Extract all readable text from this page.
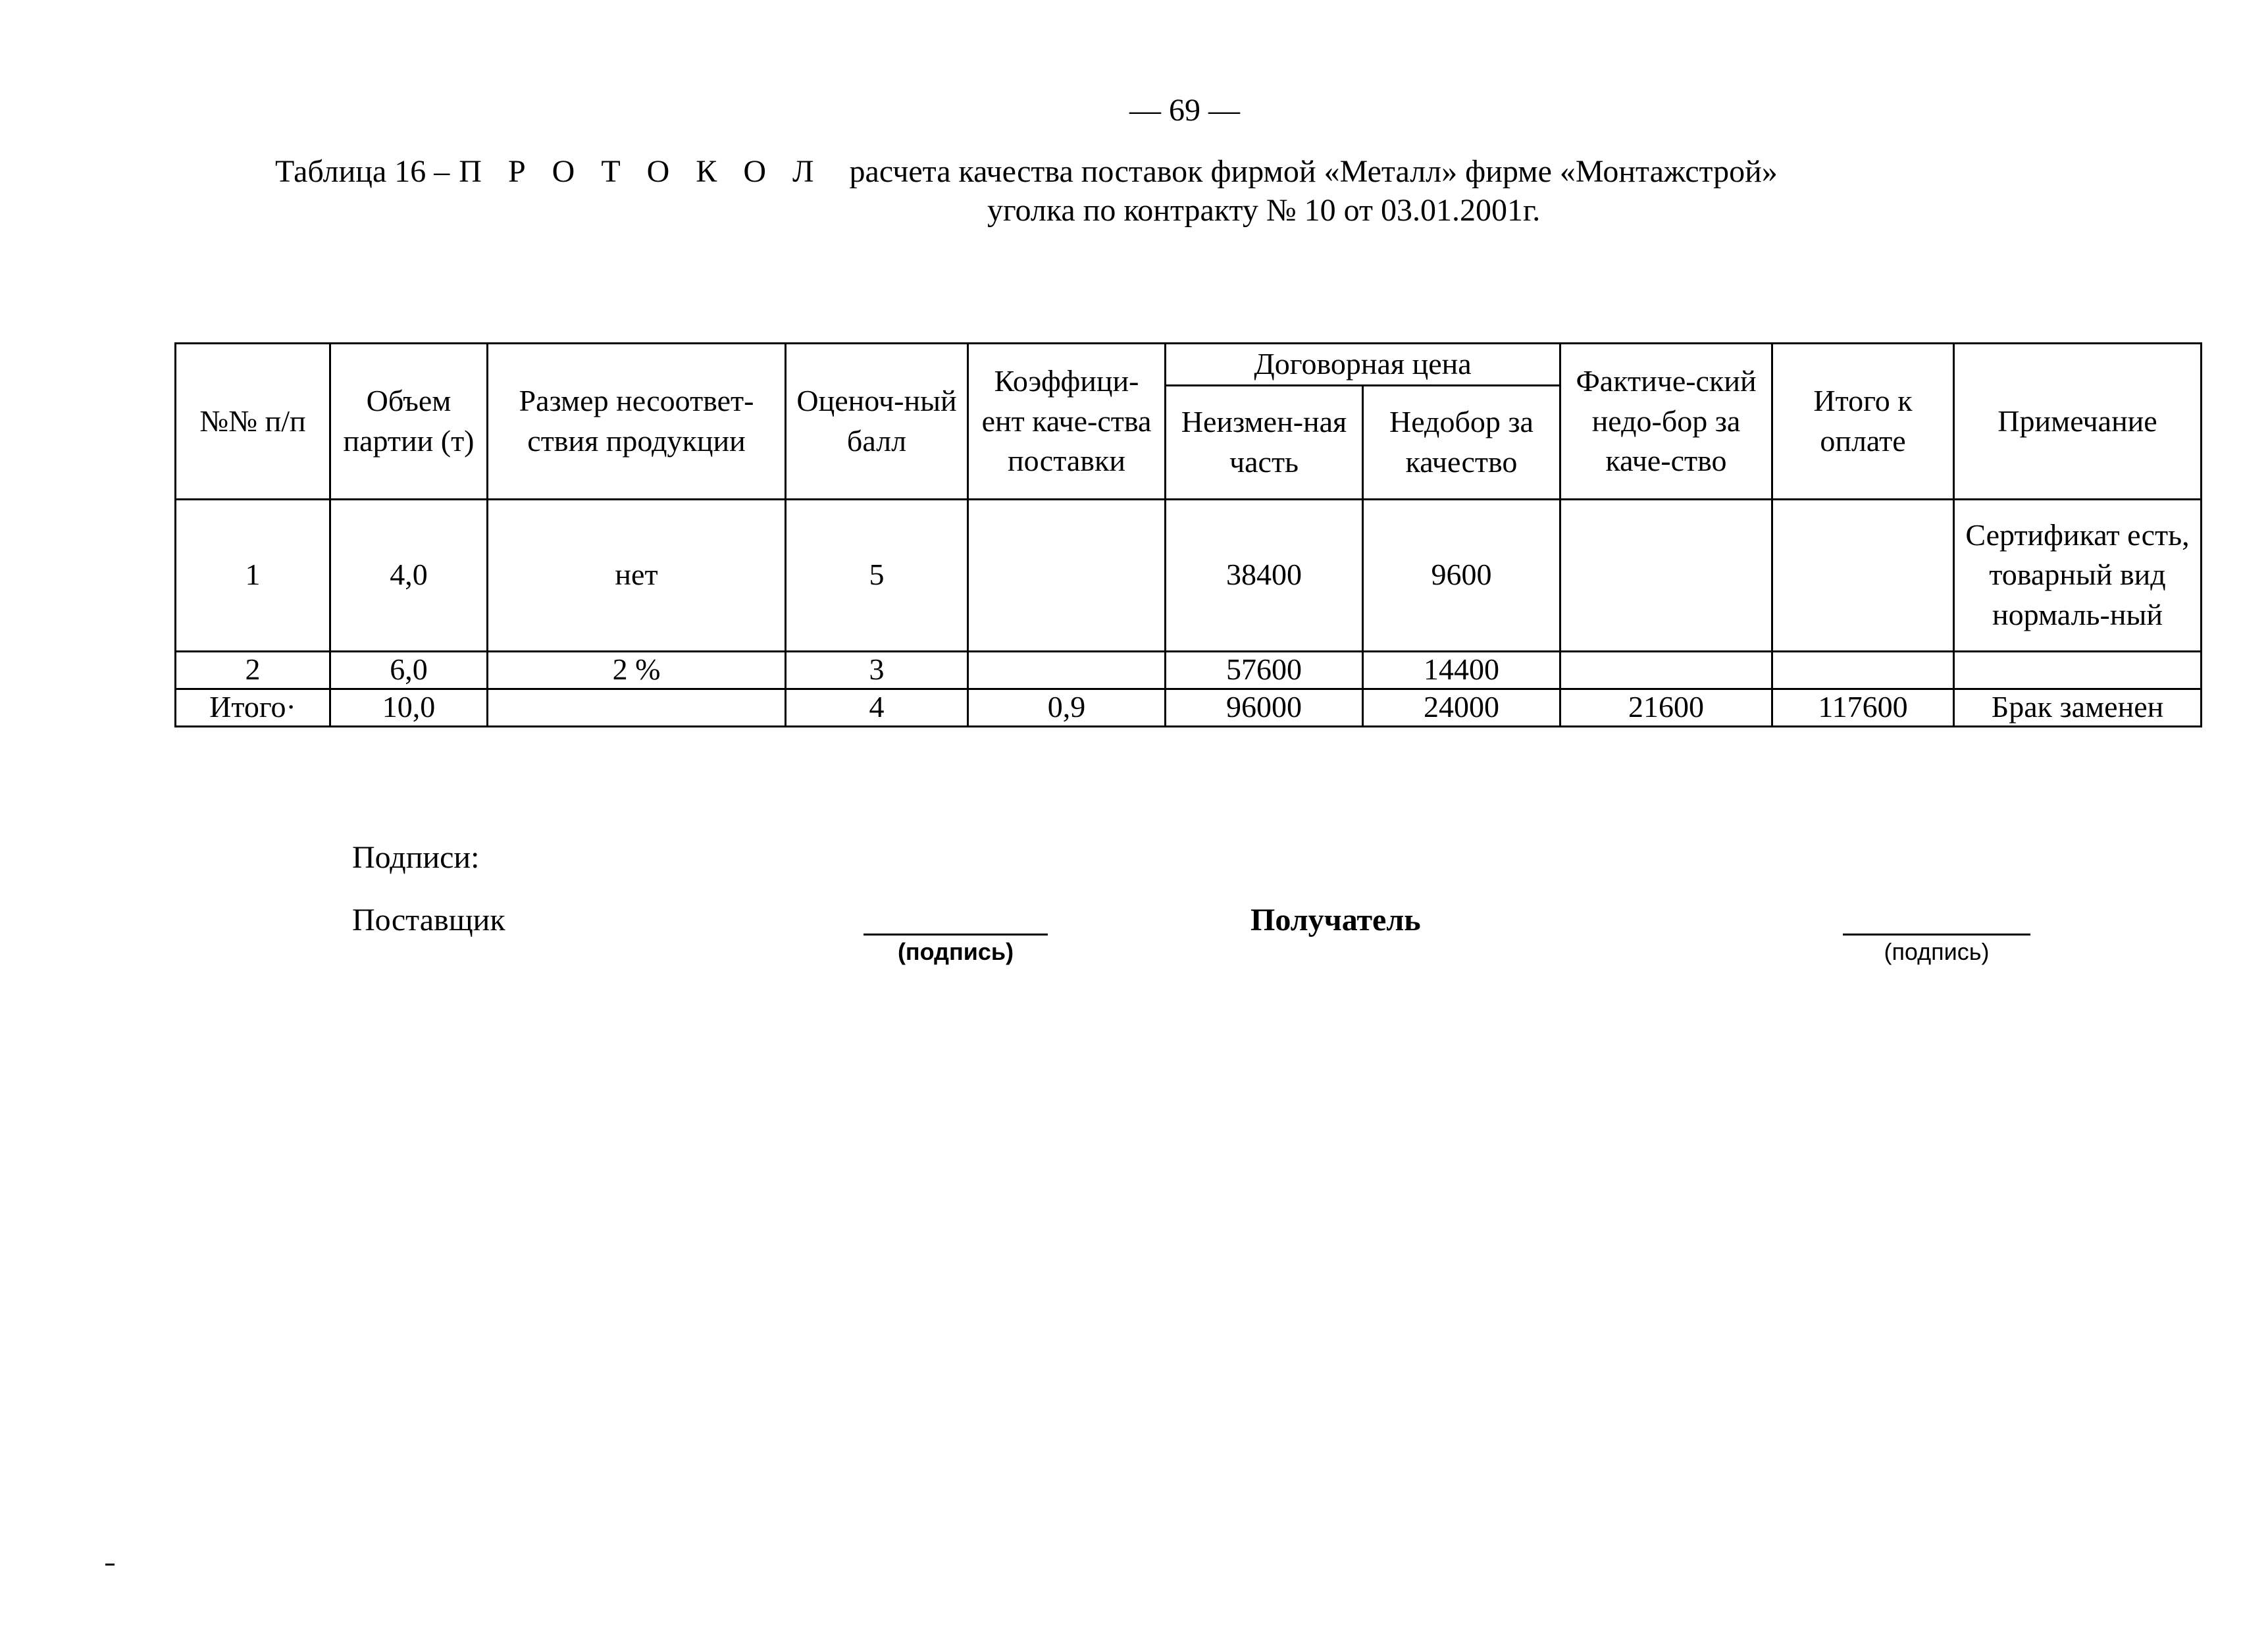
— 69 —
Таблица 16 – П Р О Т О К О Л расчета качества поставок фирмой «Металл» фирме «Монтажстрой»
уголка по контракту № 10 от 03.01.2001г.
№№ п/п	Объем партии (т)	Размер несоответ-ствия продукции	Оценоч-ный балл	Коэффици-ент каче-ства поставки	Договорная цена		Фактиче-ский недо-бор за каче-ство	Итого к оплате	Примечание
					Неизмен-ная часть	Недобор за качество			
1	4,0	нет	5		38400	9600			Сертификат есть, товарный вид нормаль-ный
2	6,0	2 %	3		57600	14400			
Итого·	10,0		4	0,9	96000	24000	21600	117600	Брак заменен
Подписи:
Поставщик	Получатель
(подпись)	(подпись)
